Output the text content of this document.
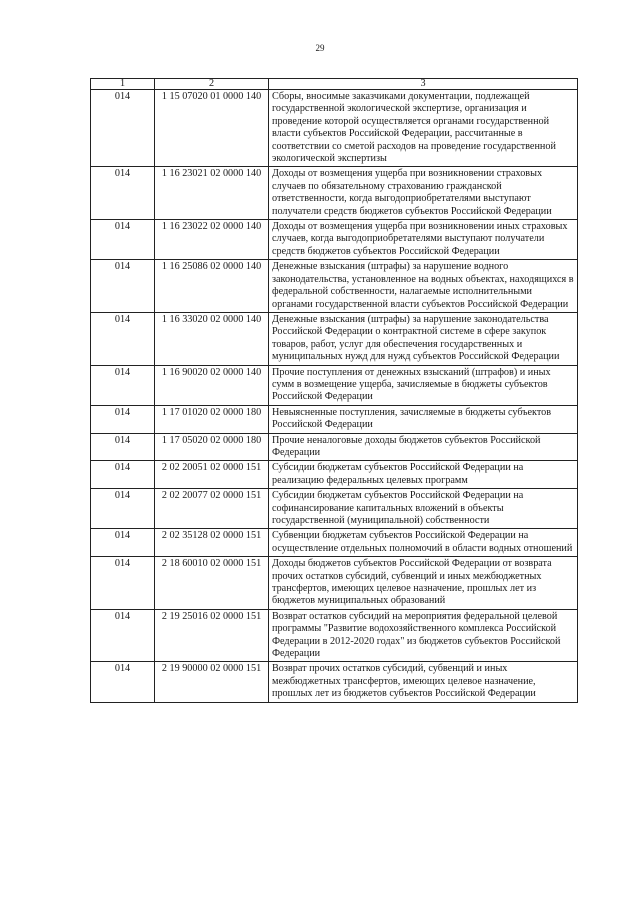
29
1	2	3
014	1 15 07020 01 0000 140	Сборы, вносимые заказчиками документации, подлежащей государственной экологической экспертизе, организация и проведение которой осуществляется органами государственной власти субъектов Российской Федерации, рассчитанные в соответствии со сметой расходов на проведение государственной экологической экспертизы
014	1 16 23021 02 0000 140	Доходы от возмещения ущерба при возникновении страховых случаев по обязательному страхованию гражданской ответственности, когда выгодоприобретателями выступают получатели средств бюджетов субъектов Российской Федерации
014	1 16 23022 02 0000 140	Доходы от возмещения ущерба при возникновении иных страховых случаев, когда выгодоприобретателями выступают получатели средств бюджетов субъектов Российской Федерации
014	1 16 25086 02 0000 140	Денежные взыскания (штрафы) за нарушение водного законодательства, установленное на водных объектах, находящихся в федеральной собственности, налагаемые исполнительными органами государственной власти субъектов Российской Федерации
014	1 16 33020 02 0000 140	Денежные взыскания (штрафы) за нарушение законодательства Российской Федерации о контрактной системе в сфере закупок товаров, работ, услуг для обеспечения государственных и муниципальных нужд для нужд субъектов Российской Федерации
014	1 16 90020 02 0000 140	Прочие поступления от денежных взысканий (штрафов) и иных сумм в возмещение ущерба, зачисляемые в бюджеты субъектов Российской Федерации
014	1 17 01020 02 0000 180	Невыясненные поступления, зачисляемые в бюджеты субъектов Российской Федерации
014	1 17 05020 02 0000 180	Прочие неналоговые доходы бюджетов субъектов Российской Федерации
014	2 02 20051 02 0000 151	Субсидии бюджетам субъектов Российской Федерации на реализацию федеральных целевых программ
014	2 02 20077 02 0000 151	Субсидии бюджетам субъектов Российской Федерации на софинансирование капитальных вложений в объекты государственной (муниципальной) собственности
014	2 02 35128 02 0000 151	Субвенции бюджетам субъектов Российской Федерации на осуществление отдельных полномочий в области водных отношений
014	2 18 60010 02 0000 151	Доходы бюджетов субъектов Российской Федерации от возврата прочих остатков субсидий, субвенций и иных межбюджетных трансфертов, имеющих целевое назначение, прошлых лет из бюджетов муниципальных образований
014	2 19 25016 02 0000 151	Возврат остатков субсидий на мероприятия федеральной целевой программы "Развитие водохозяйственного комплекса Российской Федерации в 2012-2020 годах" из бюджетов субъектов Российской Федерации
014	2 19 90000 02 0000 151	Возврат прочих остатков субсидий, субвенций и иных межбюджетных трансфертов, имеющих целевое назначение, прошлых лет из бюджетов субъектов Российской Федерации
